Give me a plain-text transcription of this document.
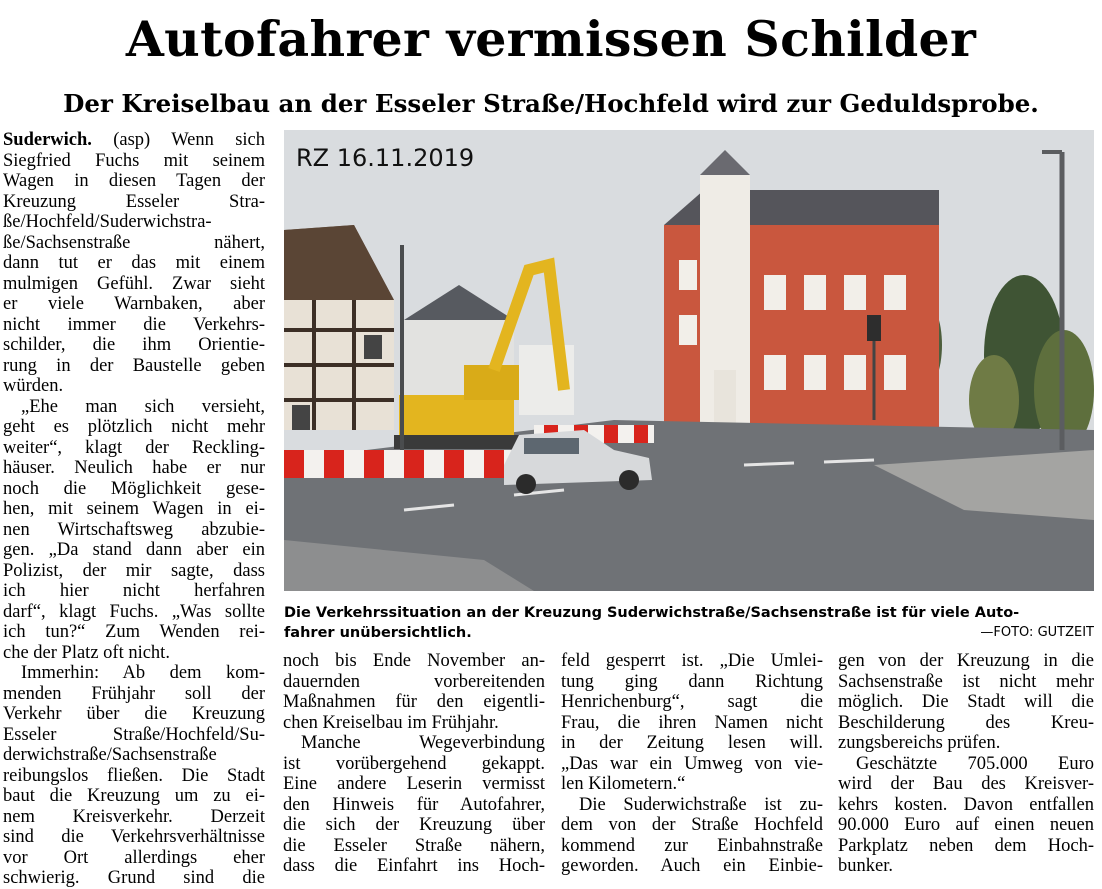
Autofahrer vermissen Schilder
Der Kreiselbau an der Esseler Straße/Hochfeld wird zur Geduldsprobe.

Suderwich. (asp) Wenn sich

Siegfried Fuchs mit seinem

Wagen in diesen Tagen der

Kreuzung Esseler Stra-

ße/Hochfeld/Suderwichstra-

ße/Sachsenstraße nähert,

dann tut er das mit einem

mulmigen Gefühl. Zwar sieht

er viele Warnbaken, aber

nicht immer die Verkehrs-

schilder, die ihm Orientie-

rung in der Baustelle geben

würden.

„Ehe man sich versieht,

geht es plötzlich nicht mehr

weiter“, klagt der Reckling-

häuser. Neulich habe er nur

noch die Möglichkeit gese-

hen, mit seinem Wagen in ei-

nen Wirtschaftsweg abzubie-

gen. „Da stand dann aber ein

Polizist, der mir sagte, dass

ich hier nicht herfahren

darf“, klagt Fuchs. „Was sollte

ich tun?“ Zum Wenden rei-

che der Platz oft nicht.

Immerhin: Ab dem kom-

menden Frühjahr soll der

Verkehr über die Kreuzung

Esseler Straße/Hochfeld/Su-

derwichstraße/Sachsenstraße

reibungslos fließen. Die Stadt

baut die Kreuzung um zu ei-

nem Kreisverkehr. Derzeit

sind die Verkehrsverhältnisse

vor Ort allerdings eher

schwierig. Grund sind die

RZ 16.11.2019
Die Verkehrssituation an der Kreuzung Suderwichstraße/Sachsenstraße ist für viele Auto-
fahrer unübersichtlich.	—FOTO: GUTZEIT

noch bis Ende November an-

dauernden vorbereitenden

Maßnahmen für den eigentli-

chen Kreiselbau im Frühjahr.

Manche Wegeverbindung

ist vorübergehend gekappt.

Eine andere Leserin vermisst

den Hinweis für Autofahrer,

die sich der Kreuzung über

die Esseler Straße nähern,

dass die Einfahrt ins Hoch-

feld gesperrt ist. „Die Umlei-

tung ging dann Richtung

Henrichenburg“, sagt die

Frau, die ihren Namen nicht

in der Zeitung lesen will.

„Das war ein Umweg von vie-

len Kilometern.“

Die Suderwichstraße ist zu-

dem von der Straße Hochfeld

kommend zur Einbahnstraße

geworden. Auch ein Einbie-

gen von der Kreuzung in die

Sachsenstraße ist nicht mehr

möglich. Die Stadt will die

Beschilderung des Kreu-

zungsbereichs prüfen.

Geschätzte 705.000 Euro

wird der Bau des Kreisver-

kehrs kosten. Davon entfallen

90.000 Euro auf einen neuen

Parkplatz neben dem Hoch-

bunker.
